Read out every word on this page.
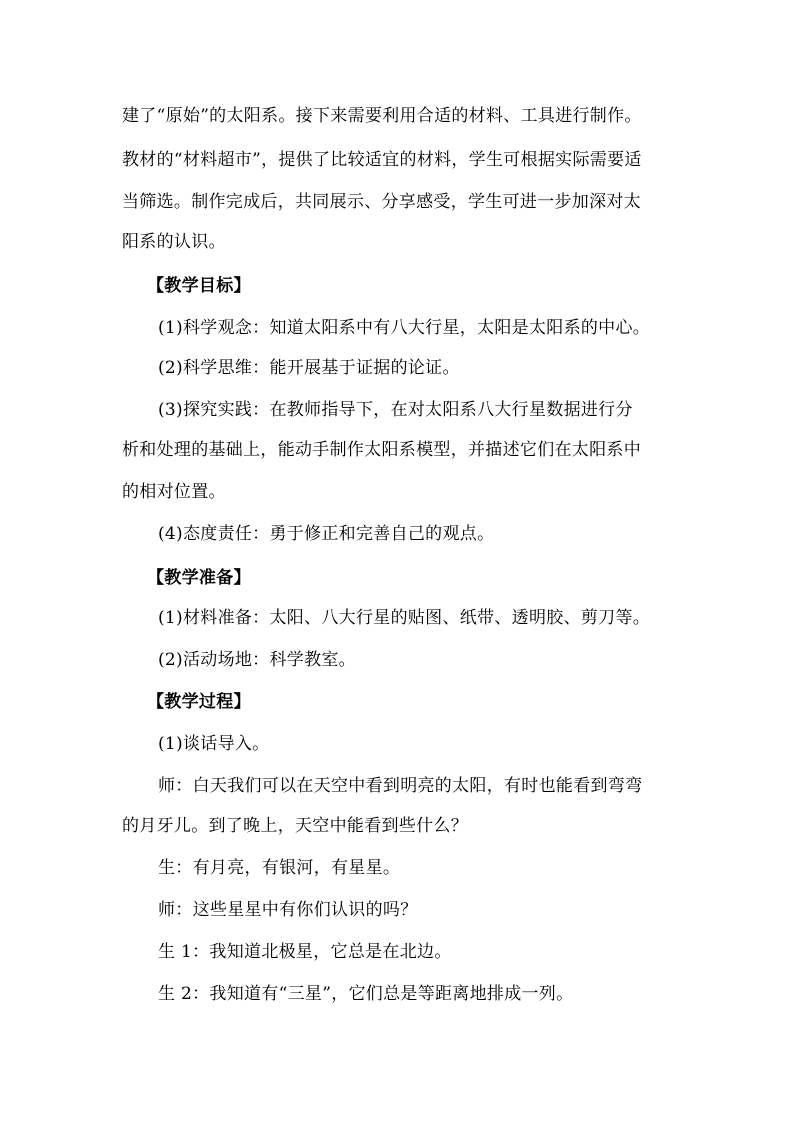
建了“原始”的太阳系。接下来需要利用合适的材料、工具进行制作。
教材的“材料超市”，提供了比较适宜的材料，学生可根据实际需要适
当筛选。制作完成后，共同展示、分享感受，学生可进一步加深对太
阳系的认识。
【教学目标】
(1)科学观念：知道太阳系中有八大行星，太阳是太阳系的中心。
(2)科学思维：能开展基于证据的论证。
(3)探究实践：在教师指导下，在对太阳系八大行星数据进行分
析和处理的基础上，能动手制作太阳系模型，并描述它们在太阳系中
的相对位置。
(4)态度责任：勇于修正和完善自己的观点。
【教学准备】
(1)材料准备：太阳、八大行星的贴图、纸带、透明胶、剪刀等。
(2)活动场地：科学教室。
【教学过程】
(1)谈话导入。
师：白天我们可以在天空中看到明亮的太阳，有时也能看到弯弯
的月牙儿。到了晚上，天空中能看到些什么？
生：有月亮，有银河，有星星。
师：这些星星中有你们认识的吗？
生 1：我知道北极星，它总是在北边。
生 2：我知道有“三星”，它们总是等距离地排成一列。
